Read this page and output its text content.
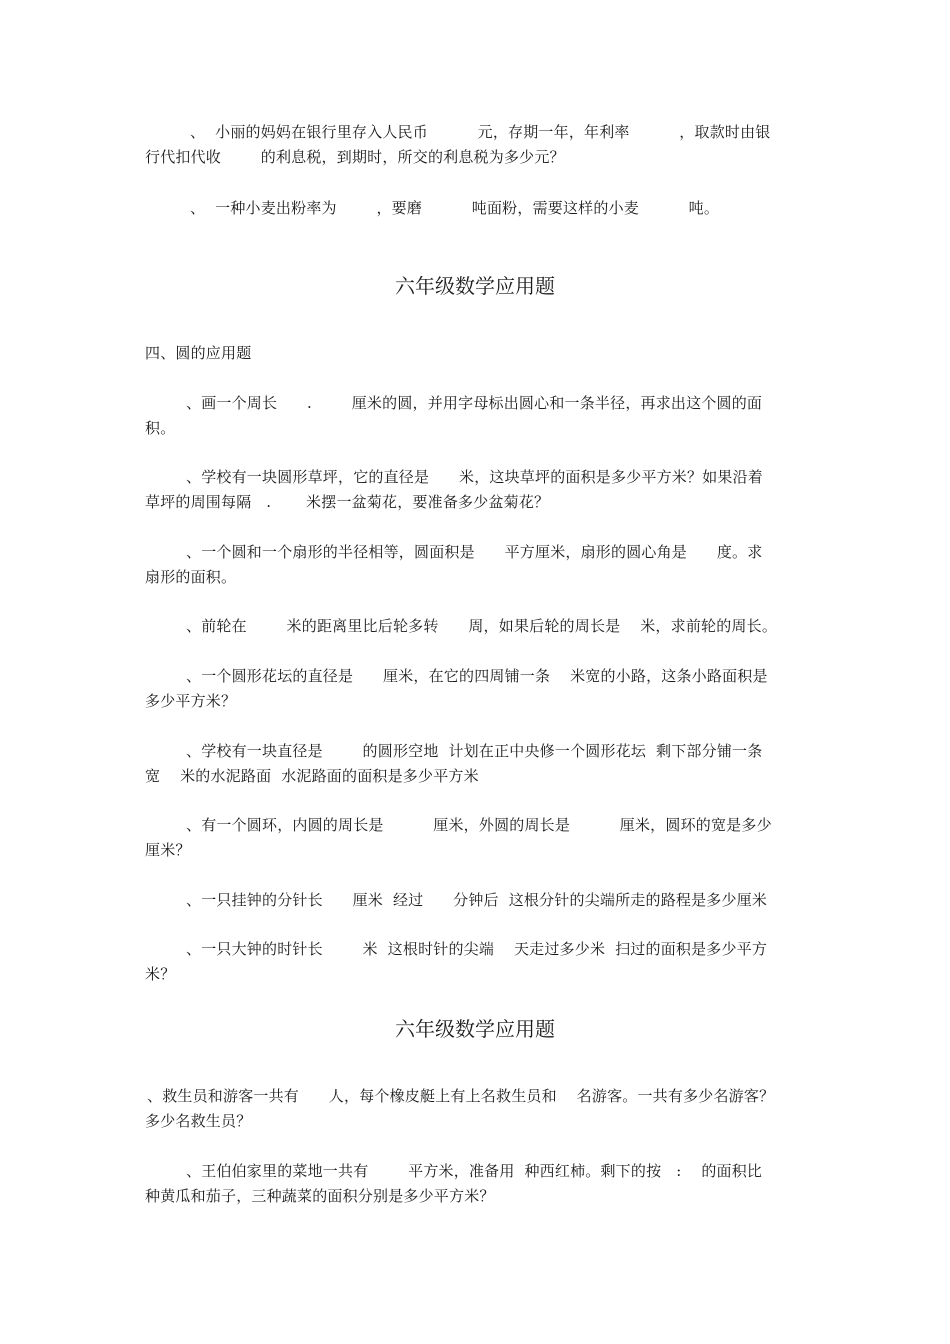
、  小丽的妈妈在银行里存入人民币          元，存期一年，年利率          ，取款时由银
行代扣代收        的利息税，到期时，所交的利息税为多少元？
、  一种小麦出粉率为        ，要磨          吨面粉，需要这样的小麦          吨。
六年级数学应用题
四、圆的应用题
、画一个周长      .        厘米的圆，并用字母标出圆心和一条半径，再求出这个圆的面
积。
、学校有一块圆形草坪，它的直径是      米，这块草坪的面积是多少平方米？如果沿着
草坪的周围每隔   .       米摆一盆菊花，要准备多少盆菊花？
、一个圆和一个扇形的半径相等，圆面积是      平方厘米，扇形的圆心角是      度。求
扇形的面积。
、前轮在        米的距离里比后轮多转      周，如果后轮的周长是    米，求前轮的周长。
、一个圆形花坛的直径是      厘米，在它的四周铺一条    米宽的小路，这条小路面积是
多少平方米？
、学校有一块直径是        的圆形空地  计划在正中央修一个圆形花坛  剩下部分铺一条
宽    米的水泥路面  水泥路面的面积是多少平方米
、有一个圆环，内圆的周长是          厘米，外圆的周长是          厘米，圆环的宽是多少
厘米？
、一只挂钟的分针长      厘米  经过      分钟后  这根分针的尖端所走的路程是多少厘米
、一只大钟的时针长        米  这根时针的尖端    天走过多少米  扫过的面积是多少平方
米？
六年级数学应用题
、救生员和游客一共有      人，每个橡皮艇上有上名救生员和    名游客。一共有多少名游客？
多少名救生员？
、王伯伯家里的菜地一共有        平方米，准备用  种西红柿。剩下的按   :    的面积比
种黄瓜和茄子，三种蔬菜的面积分别是多少平方米？
